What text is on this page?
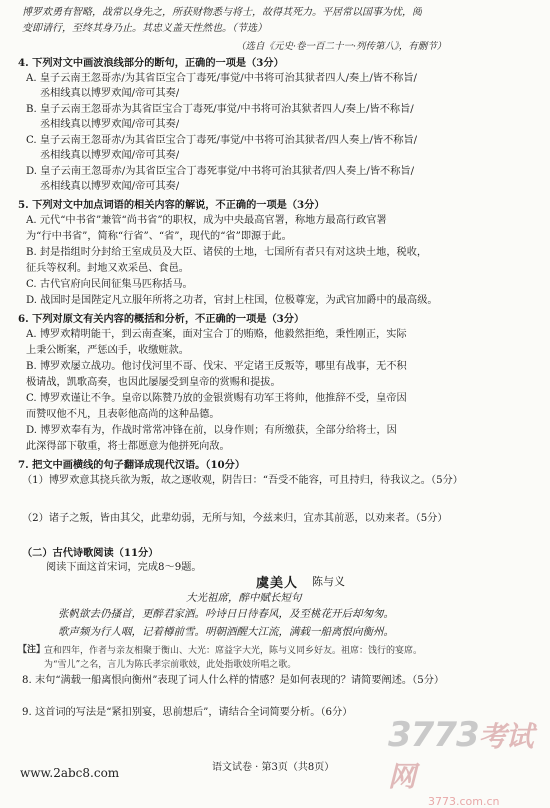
博罗欢勇有智略，战常以身先之，所获财物悉与将士，故得其死力。平居常以国事为忧，阅
变即请行，至终其身乃止。其忠义盖天性然也。（节选）
（选自《元史·卷一百二十一·列传第八》，有删节）
4. 下列对文中画波浪线部分的断句，正确的一项是（3分）
A. 皇子云南王忽哥赤/为其省臣宝合丁毒死/事觉/中书将可治其狱者四人/奏上/皆不称旨/
丞相线真以博罗欢闻/帝可其奏/
B. 皇子云南王忽哥赤为其省臣宝合丁毒死/事觉/中书将可治其狱者四人/奏上/皆不称旨/
丞相线真以博罗欢闻/帝可其奏/
C. 皇子云南王忽哥赤/为其省臣宝合丁毒死/事觉/中书将可治其狱者/四人奏上/皆不称旨/
丞相线真以博罗欢闻/帝可其奏/
D. 皇子云南王忽哥赤/为其省臣宝合丁毒死事觉/中书将可治其狱者/四人奏上/皆不称旨/
丞相线真以博罗欢闻/帝可其奏/
5. 下列对文中加点词语的相关内容的解说，不正确的一项是（3分）
A. 元代“中书省”兼管“尚书省”的职权，成为中央最高官署，称地方最高行政官署
为“行中书省”，简称“行省”、“省”，现代的“省”即源于此。
B. 封是指组时分封给王室成员及大臣、诸侯的土地，七国所有者只有对这块土地，税收，
征兵等权利。封地又欢采邑、食邑。
C. 古代官府向民间征集马匹称括马。
D. 战国时是国陛定凡立服年所将之功者，官封上柱国，位极尊宠，为武官加爵中的最高级。
6. 下列对原文有关内容的概括和分析，不正确的一项是（3分）
A. 博罗欢精明能干，到云南查案，面对宝合丁的贿赂，他毅然拒绝，秉性刚正，实际
上秉公断案，严惩凶手，收缴赃款。
B. 博罗欢屡立战功。他讨伐河里不哥、伐宋、平定诸王反叛等，哪里有战事，无不积
极请战，凯歌高奏，也因此屡屡受到皇帝的赏赐和提拔。
C. 博罗欢谨让不争。皇帝以陈赞乃放的金银赏赐有功军王将帅，他推辞不受，皇帝因
而赞叹他不凡，且表彰他高尚的这种品德。
D. 博罗欢奉有为，作战时常常冲锋在前，以身作则；有所缴获，全部分给将士，因
此深得部下敬重，将士都愿意为他拼死向敌。
7. 把文中画横线的句子翻译成现代汉语。（10分）
（1）博罗欢意其挠兵欲为叛，故之逐收观，阴告曰：“吾受不能容，可且持归，待我议之。（5分）
（2）诸子之叛，皆由其父，此辈幼弱，无所与知，今兹来归，宜赤其前恶，以劝来者。（5分）
（二）古代诗歌阅读（11分）
阅读下面这首宋词，完成8～9题。
虞美人 陈与义
大光祖席，醉中赋长短句
张帆欲去仍搔首，更醉君家酒。吟诗日日待春风，及至桃花开后却匆匆。
歌声频为行人咽，记着樽前雪。明朝酒醒大江流，满载一船离恨向衡州。
【注】
宣和四年，作者与亲友相聚于衡山、大光：席益字大光，陈与义同乡好友。祖席：饯行的宴席。
为“雪儿”之名，言儿为陈氏孝宗前歌妓，此处指歌妓所唱之歌。
8. 末句“满载一船离恨向衡州”表现了词人什么样的情感？是如何表现的？请简要阐述。（5分）
9. 这首词的写法是“紧扣别宴，思前想后”，请结合全词简要分析。（6分）
语文试卷 · 第3页（共8页）
www.2abc8.com
3773考试网
3773.com.cn
